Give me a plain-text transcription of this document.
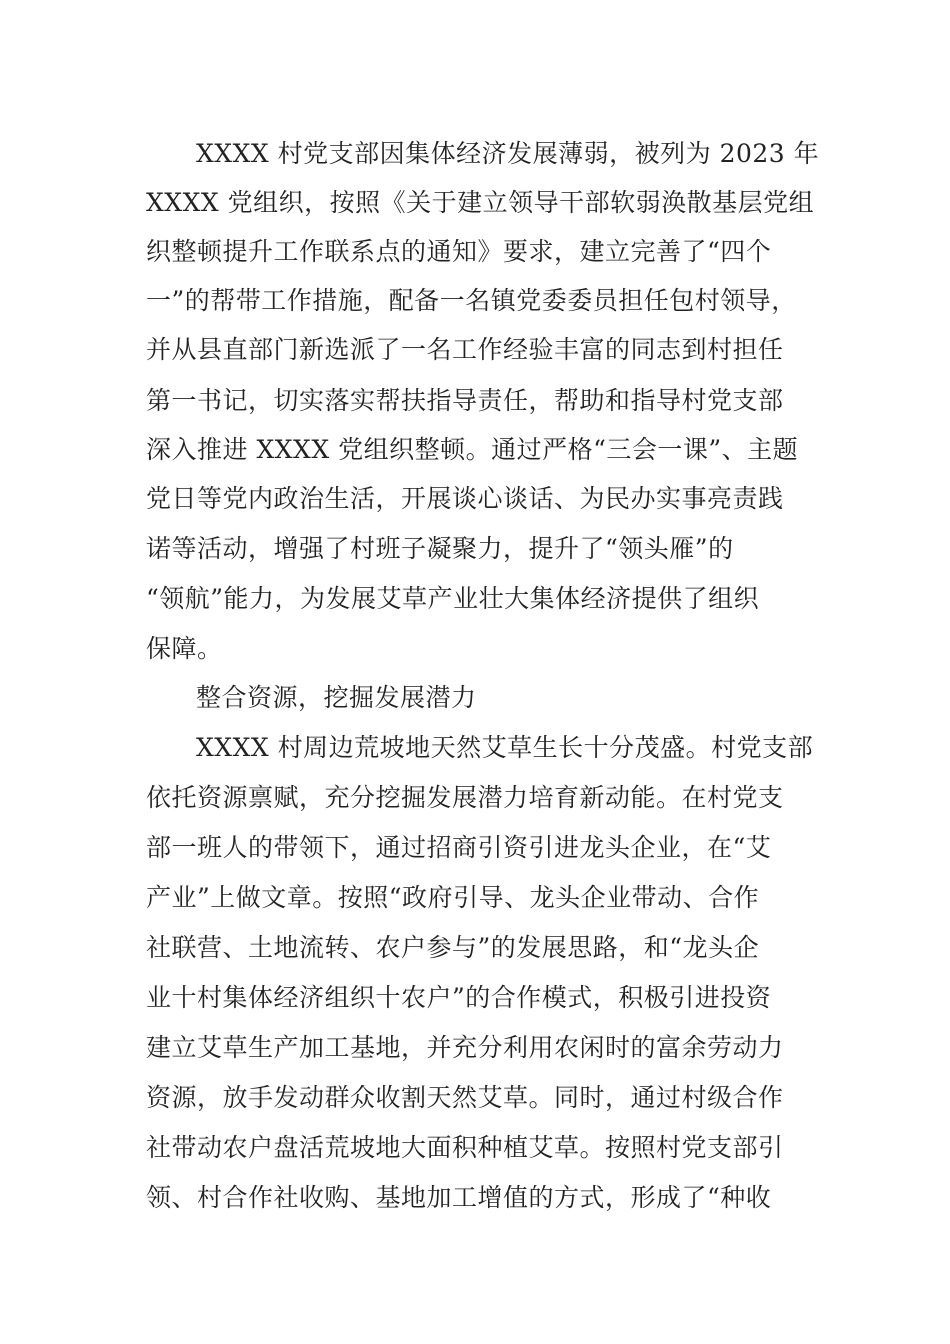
XXXX 村党支部因集体经济发展薄弱，被列为 2023 年
XXXX 党组织，按照《关于建立领导干部软弱涣散基层党组
织整顿提升工作联系点的通知》要求，建立完善了“四个
一”的帮带工作措施，配备一名镇党委委员担任包村领导，
并从县直部门新选派了一名工作经验丰富的同志到村担任
第一书记，切实落实帮扶指导责任，帮助和指导村党支部
深入推进 XXXX 党组织整顿。通过严格“三会一课”、主题
党日等党内政治生活，开展谈心谈话、为民办实事亮责践
诺等活动，增强了村班子凝聚力，提升了“领头雁”的
“领航”能力，为发展艾草产业壮大集体经济提供了组织
保障。
整合资源，挖掘发展潜力
XXXX 村周边荒坡地天然艾草生长十分茂盛。村党支部
依托资源禀赋，充分挖掘发展潜力培育新动能。在村党支
部一班人的带领下，通过招商引资引进龙头企业，在“艾
产业”上做文章。按照“政府引导、龙头企业带动、合作
社联营、土地流转、农户参与”的发展思路，和“龙头企
业十村集体经济组织十农户”的合作模式，积极引进投资
建立艾草生产加工基地，并充分利用农闲时的富余劳动力
资源，放手发动群众收割天然艾草。同时，通过村级合作
社带动农户盘活荒坡地大面积种植艾草。按照村党支部引
领、村合作社收购、基地加工增值的方式，形成了“种收
